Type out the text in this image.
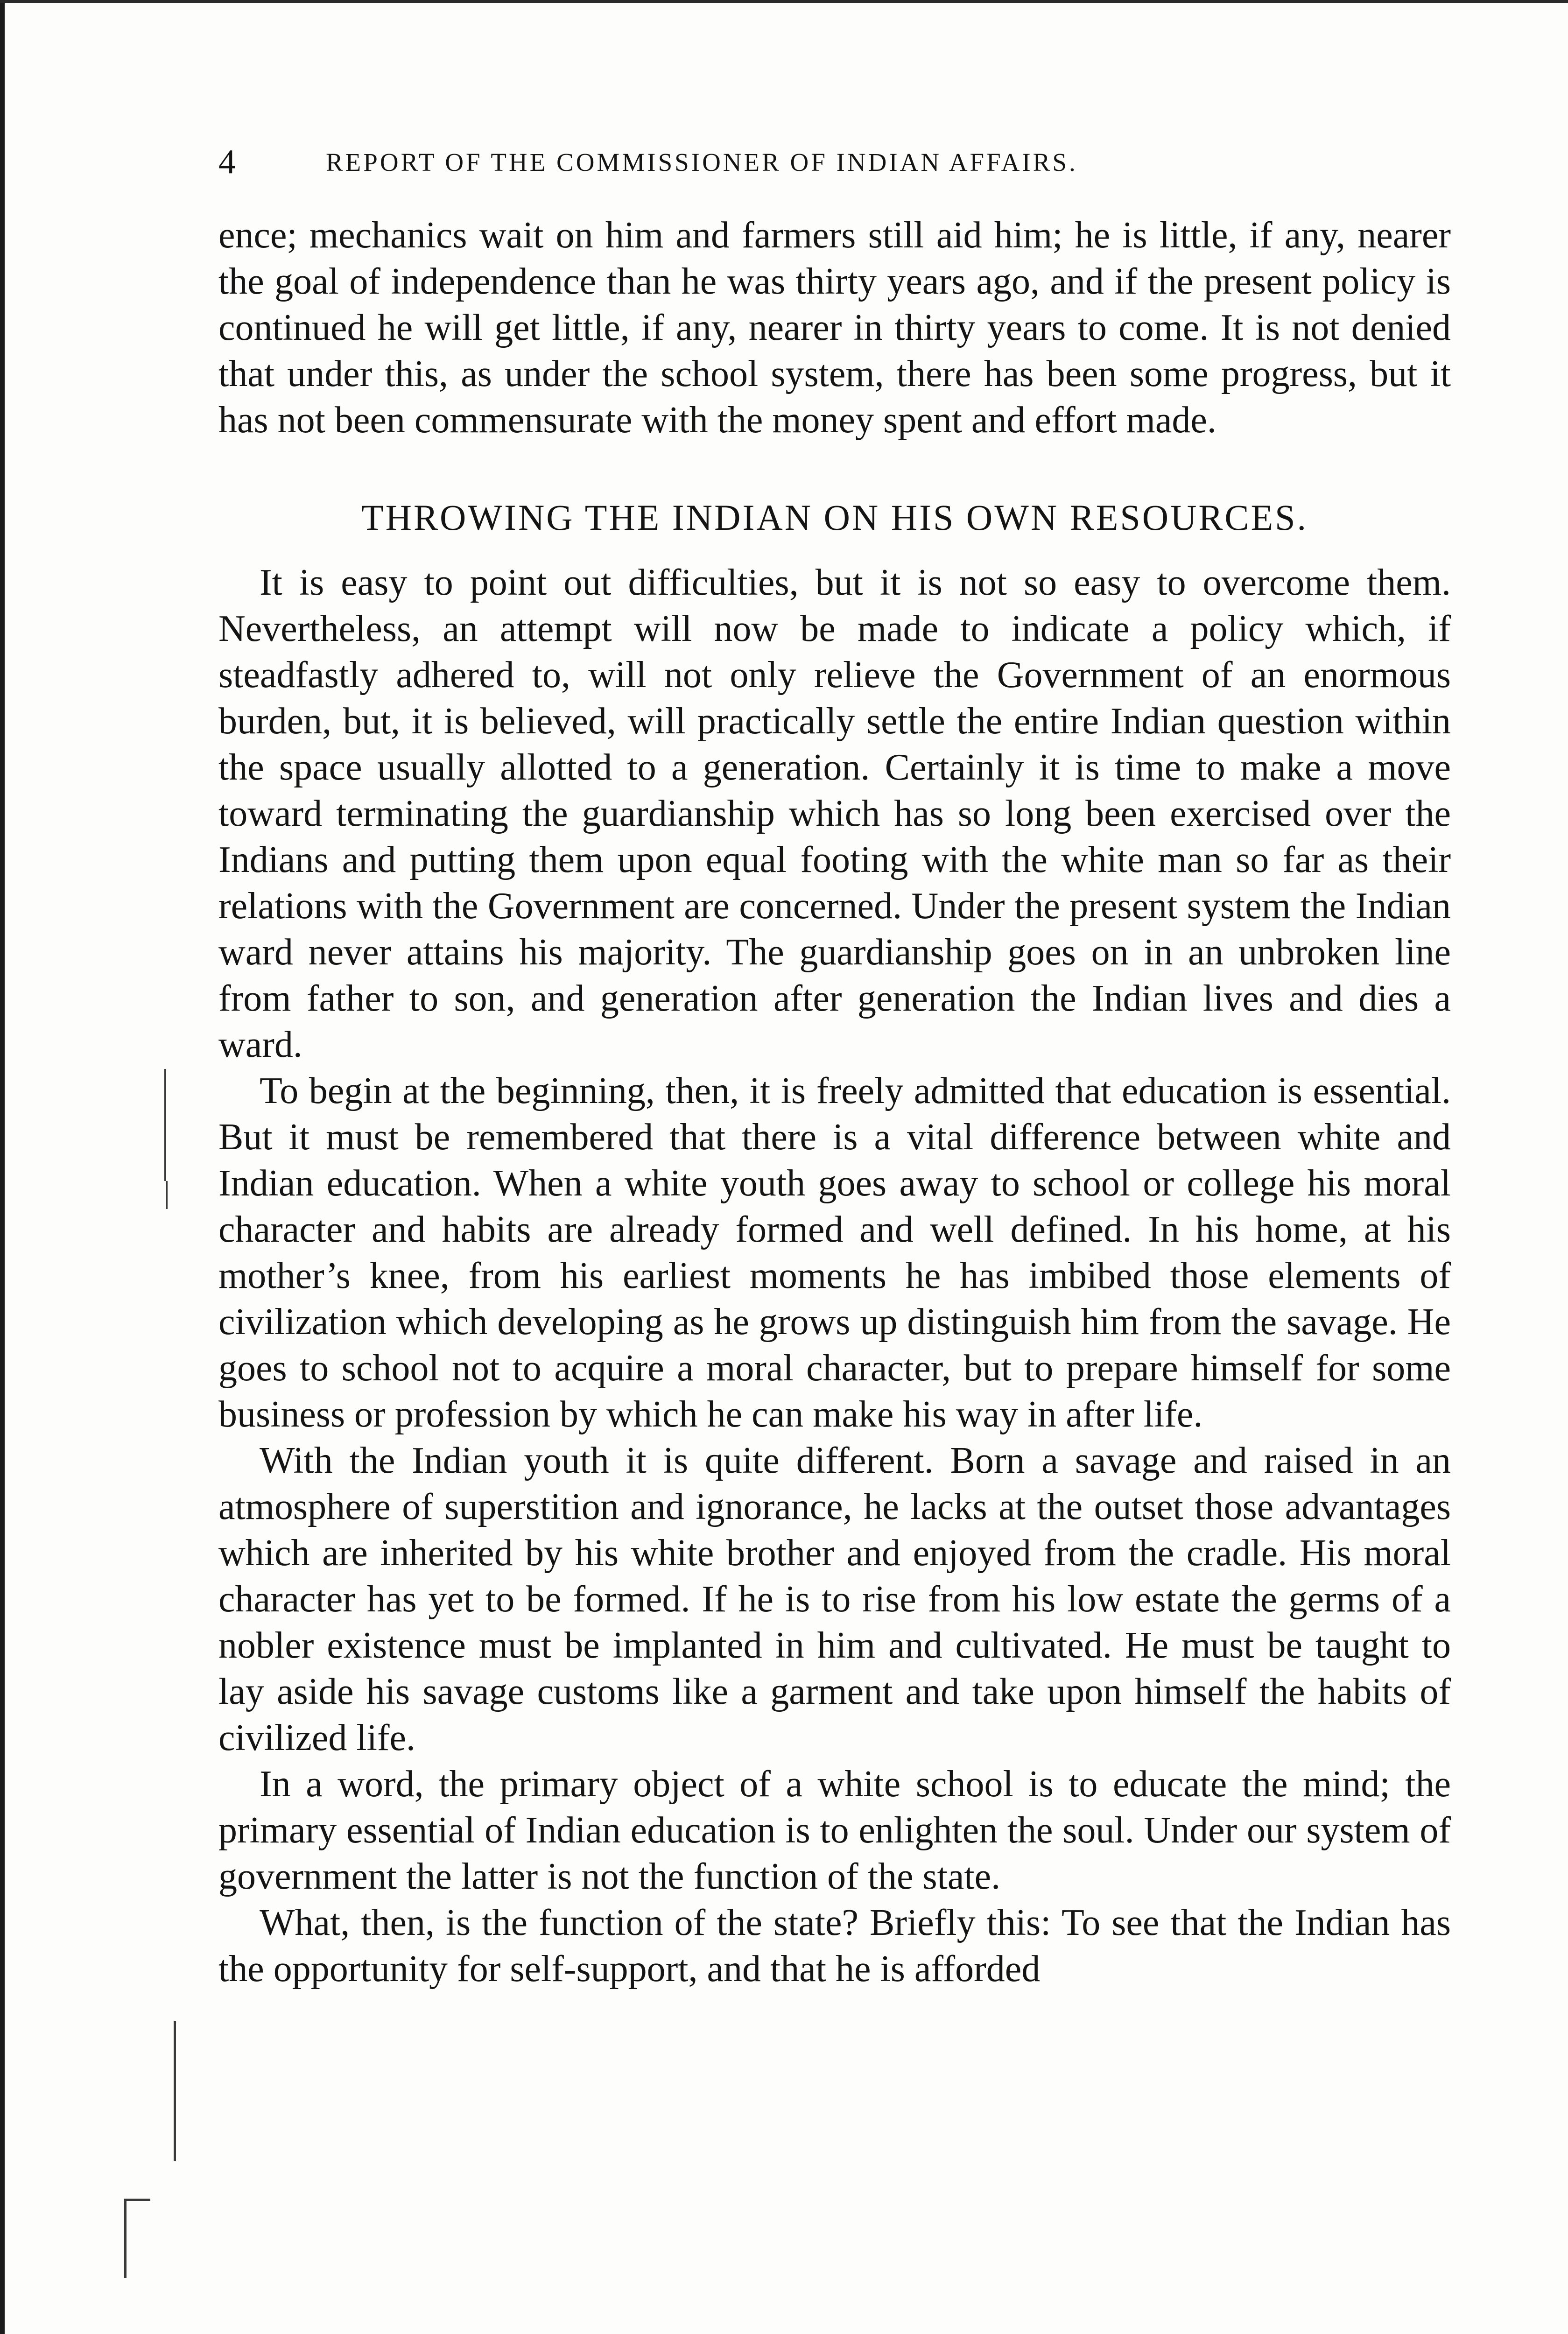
4	REPORT OF THE COMMISSIONER OF INDIAN AFFAIRS.

ence; mechanics wait on him and farmers still aid him; he is little, if any, nearer the goal of independence than he was thirty years ago, and if the present policy is continued he will get little, if any, nearer in thirty years to come. It is not denied that under this, as under the school system, there has been some progress, but it has not been commensurate with the money spent and effort made.

THROWING THE INDIAN ON HIS OWN RESOURCES.

It is easy to point out difficulties, but it is not so easy to overcome them. Nevertheless, an attempt will now be made to indicate a policy which, if steadfastly adhered to, will not only relieve the Government of an enormous burden, but, it is believed, will practically settle the entire Indian question within the space usually allotted to a generation. Certainly it is time to make a move toward terminating the guardianship which has so long been exercised over the Indians and putting them upon equal footing with the white man so far as their relations with the Government are concerned. Under the present system the Indian ward never attains his majority. The guardianship goes on in an unbroken line from father to son, and generation after generation the Indian lives and dies a ward.

To begin at the beginning, then, it is freely admitted that education is essential. But it must be remembered that there is a vital difference between white and Indian education. When a white youth goes away to school or college his moral character and habits are already formed and well defined. In his home, at his mother’s knee, from his earliest moments he has imbibed those elements of civilization which developing as he grows up distinguish him from the savage. He goes to school not to acquire a moral character, but to prepare himself for some business or profession by which he can make his way in after life.

With the Indian youth it is quite different. Born a savage and raised in an atmosphere of superstition and ignorance, he lacks at the outset those advantages which are inherited by his white brother and enjoyed from the cradle. His moral character has yet to be formed. If he is to rise from his low estate the germs of a nobler existence must be implanted in him and cultivated. He must be taught to lay aside his savage customs like a garment and take upon himself the habits of civilized life.

In a word, the primary object of a white school is to educate the mind; the primary essential of Indian education is to enlighten the soul. Under our system of government the latter is not the function of the state.

What, then, is the function of the state? Briefly this: To see that the Indian has the opportunity for self-support, and that he is afforded
